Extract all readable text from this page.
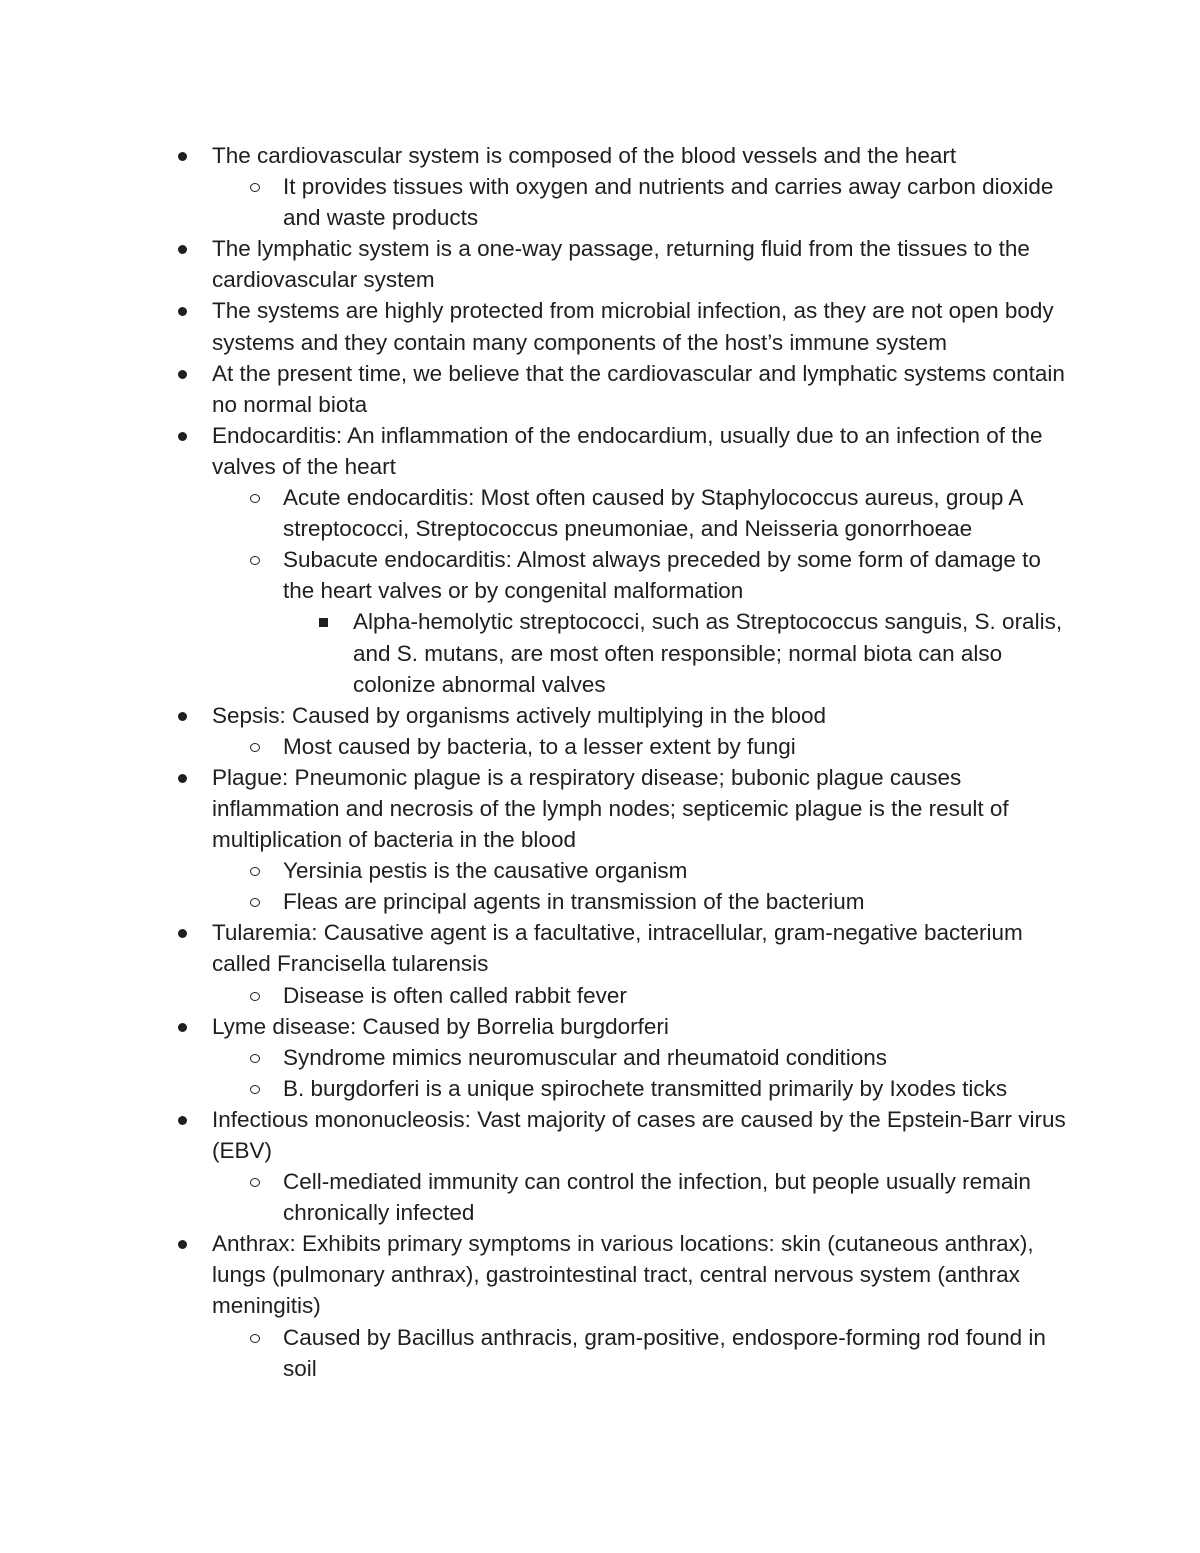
The cardiovascular system is composed of the blood vessels and the heart
It provides tissues with oxygen and nutrients and carries away carbon dioxide and waste products
The lymphatic system is a one-way passage, returning fluid from the tissues to the cardiovascular system
The systems are highly protected from microbial infection, as they are not open body systems and they contain many components of the host’s immune system
At the present time, we believe that the cardiovascular and lymphatic systems contain no normal biota
Endocarditis: An inflammation of the endocardium, usually due to an infection of the valves of the heart
Acute endocarditis: Most often caused by Staphylococcus aureus, group A streptococci, Streptococcus pneumoniae, and Neisseria gonorrhoeae
Subacute endocarditis: Almost always preceded by some form of damage to the heart valves or by congenital malformation
Alpha-hemolytic streptococci, such as Streptococcus sanguis, S. oralis, and S. mutans, are most often responsible; normal biota can also colonize abnormal valves
Sepsis: Caused by organisms actively multiplying in the blood
Most caused by bacteria, to a lesser extent by fungi
Plague: Pneumonic plague is a respiratory disease; bubonic plague causes inflammation and necrosis of the lymph nodes; septicemic plague is the result of multiplication of bacteria in the blood
Yersinia pestis is the causative organism
Fleas are principal agents in transmission of the bacterium
Tularemia: Causative agent is a facultative, intracellular, gram-negative bacterium called Francisella tularensis
Disease is often called rabbit fever
Lyme disease: Caused by Borrelia burgdorferi
Syndrome mimics neuromuscular and rheumatoid conditions
B. burgdorferi is a unique spirochete transmitted primarily by Ixodes ticks
Infectious mononucleosis: Vast majority of cases are caused by the Epstein-Barr virus (EBV)
Cell-mediated immunity can control the infection, but people usually remain chronically infected
Anthrax: Exhibits primary symptoms in various locations: skin (cutaneous anthrax), lungs (pulmonary anthrax), gastrointestinal tract, central nervous system (anthrax meningitis)
Caused by Bacillus anthracis, gram-positive, endospore-forming rod found in soil
